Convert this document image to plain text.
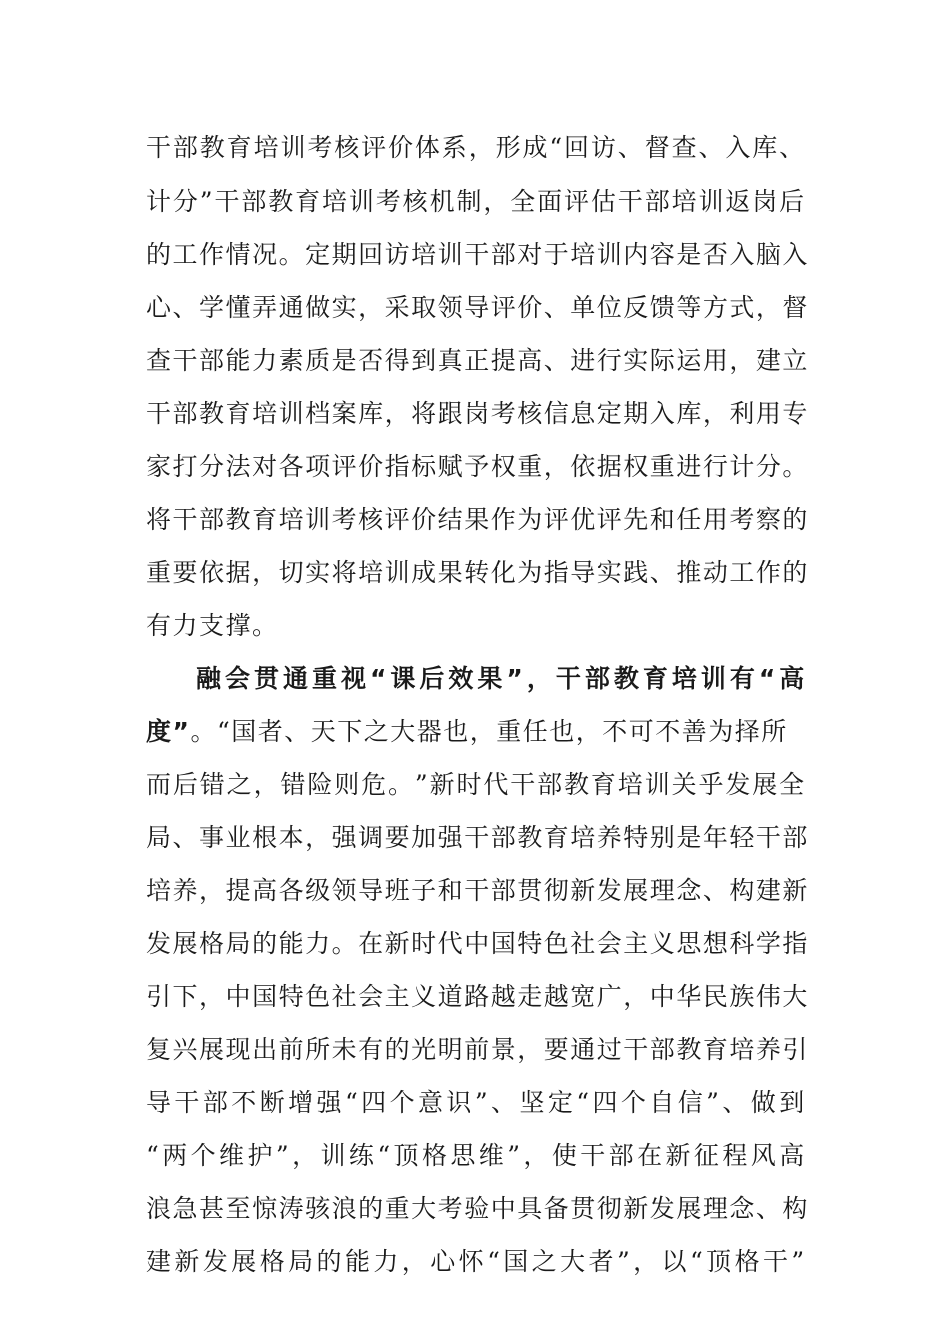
干 部 教 育 培 训 考 核 评 价 体 系 ， 形 成 “ 回 访 、 督 查 、 入 库 、
计 分 ” 干 部 教 育 培 训 考 核 机 制 ， 全 面 评 估 干 部 培 训 返 岗 后
的 工 作 情 况 。 定 期 回 访 培 训 干 部 对 于 培 训 内 容 是 否 入 脑 入
心 、 学 懂 弄 通 做 实 ， 采 取 领 导 评 价 、 单 位 反 馈 等 方 式 ， 督
查 干 部 能 力 素 质 是 否 得 到 真 正 提 高 、 进 行 实 际 运 用 ， 建 立
干 部 教 育 培 训 档 案 库 ， 将 跟 岗 考 核 信 息 定 期 入 库 ， 利 用 专
家 打 分 法 对 各 项 评 价 指 标 赋 予 权 重 ， 依 据 权 重 进 行 计 分 。
将 干 部 教 育 培 训 考 核 评 价 结 果 作 为 评 优 评 先 和 任 用 考 察 的
重 要 依 据 ， 切 实 将 培 训 成 果 转 化 为 指 导 实 践 、 推 动 工 作 的
有力支撑。
融 会 贯 通 重 视 “ 课 后 效 果 ” ， 干 部 教 育 培 训 有 “ 高
度”。“国者、天下之大器也，重任也，不可不善为择所
而 后 错 之 ， 错 险 则 危 。 ” 新 时 代 干 部 教 育 培 训 关 乎 发 展 全
局 、 事 业 根 本 ， 强 调 要 加 强 干 部 教 育 培 养 特 别 是 年 轻 干 部
培 养 ， 提 高 各 级 领 导 班 子 和 干 部 贯 彻 新 发 展 理 念 、 构 建 新
发 展 格 局 的 能 力 。 在 新 时 代 中 国 特 色 社 会 主 义 思 想 科 学 指
引 下 ， 中 国 特 色 社 会 主 义 道 路 越 走 越 宽 广 ， 中 华 民 族 伟 大
复 兴 展 现 出 前 所 未 有 的 光 明 前 景 ， 要 通 过 干 部 教 育 培 养 引
导 干 部 不 断 增 强 “ 四 个 意 识 ” 、 坚 定 “ 四 个 自 信 ” 、 做 到
“ 两 个 维 护 ” ， 训 练 “ 顶 格 思 维 ” ， 使 干 部 在 新 征 程 风 高
浪 急 甚 至 惊 涛 骇 浪 的 重 大 考 验 中 具 备 贯 彻 新 发 展 理 念 、 构
建 新 发 展 格 局 的 能 力 ， 心 怀 “ 国 之 大 者 ” ， 以 “ 顶 格 干 ”
